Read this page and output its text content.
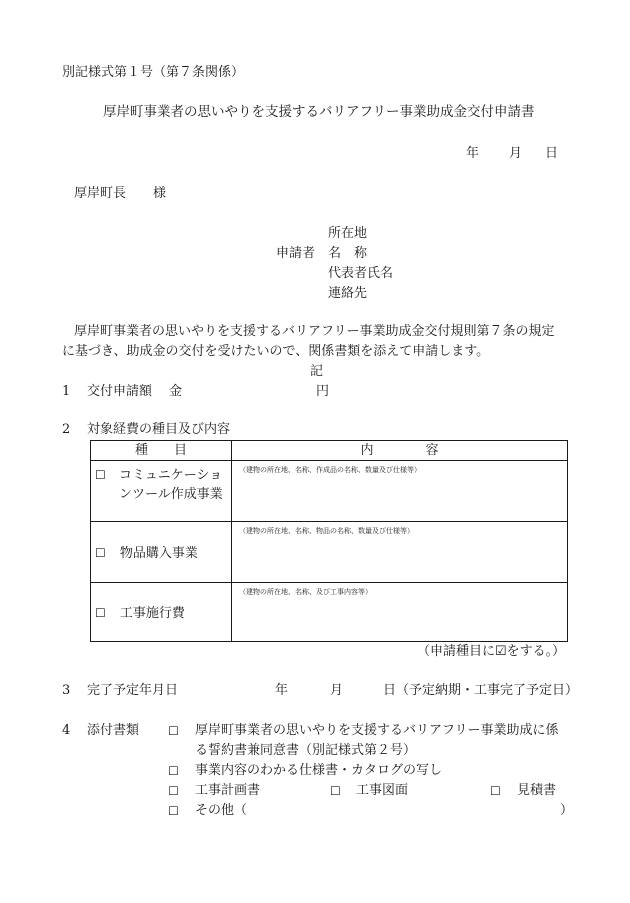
別記様式第１号（第７条関係）
厚岸町事業者の思いやりを支援するバリアフリー事業助成金交付申請書
年 月 日
厚岸町長 様
所在地
申請者 名　称
代表者氏名
連絡先
厚岸町事業者の思いやりを支援するバリアフリー事業助成金交付規則第７条の規定
に基づき、助成金の交付を受けたいので、関係書類を添えて申請します。
記
1 交付申請額 金	円
2 対象経費の種目及び内容
種　　目	内　　　　容

☐ コミュニケーショ
ンツール作成事業	（建物の所在地、名称、作成品の名称、数量及び仕様等）

☐ 物品購入事業	（建物の所在地、名称、物品の名称、数量及び仕様等）

☐ 工事施行費	（建物の所在地、名称、及び工事内容等）
（申請種目に☑をする。）
3 完了予定年月日	年	月	日 （予定納期・工事完了予定日）
4 添付書類 ☐ 厚岸町事業者の思いやりを支援するバリアフリー事業助成に係
る誓約書兼同意書（別記様式第２号）
☐ 事業内容のわかる仕様書・カタログの写し
☐ 工事計画書	☐ 工事図面	☐ 見積書
☐ その他（	）
